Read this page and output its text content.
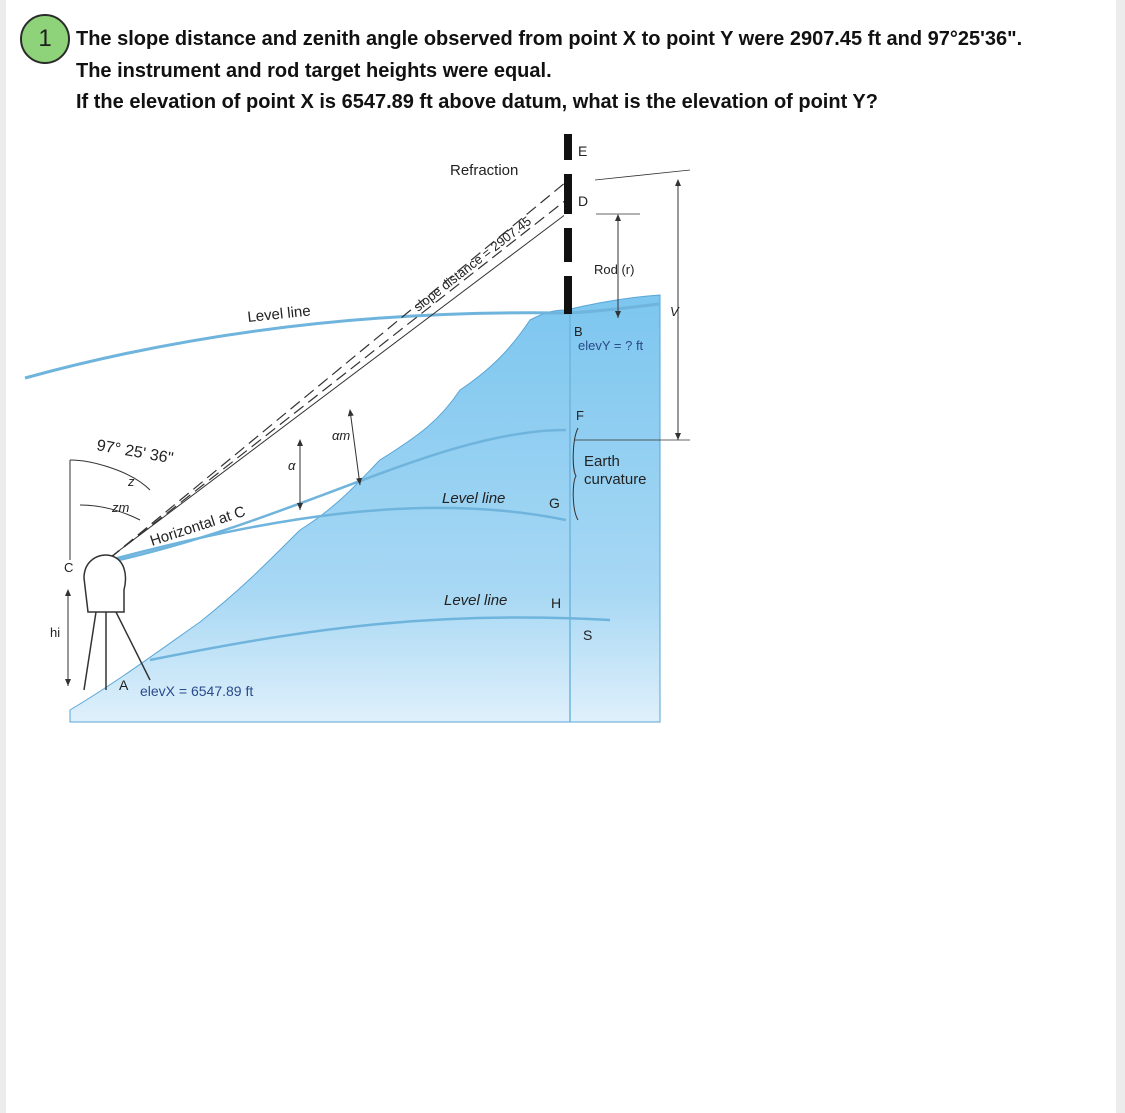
1 The slope distance and zenith angle observed from point X to point Y were 2907.45 ft and 97°25'36".
The instrument and rod target heights were equal.
If the elevation of point X is 6547.89 ft above datum, what is the elevation of point Y?
Refraction
slope distance = 2907.45
Level line
97° 25' 36"
z
zm
α
αm
Horizontal at C
Level line
Level line
C
A
hi
elevX = 6547.89 ft
E
D
Rod (r)
V
B
elevY = ? ft
F
Earth
curvature
G
H
S
